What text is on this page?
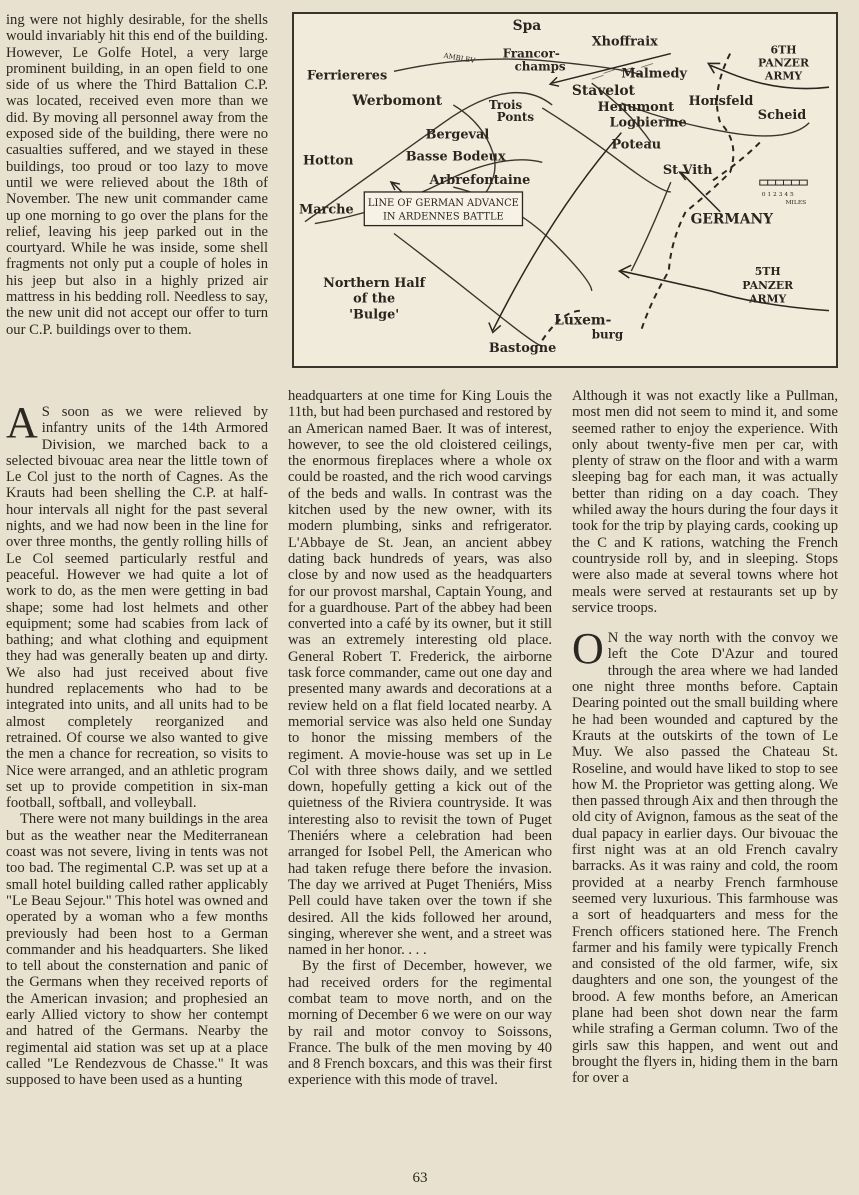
ing were not highly desirable, for the shells would invariably hit this end of the building. However, Le Golfe Hotel, a very large prominent building, in an open field to one side of us where the Third Battalion C.P. was located, received even more than we did. By moving all personnel away from the exposed side of the building, there were no casualties suffered, and we stayed in these buildings, too proud or too lazy to move until we were relieved about the 18th of November. The new unit commander came up one morning to go over the plans for the relief, leaving his jeep parked out in the courtyard. While he was inside, some shell fragments not only put a couple of holes in his jeep but also in a highly prized air mattress in his bedding roll. Needless to say, the new unit did not accept our offer to turn our C.P. buildings over to them.

A S soon as we were relieved by infantry units of the 14th Armored Division, we marched back to a selected bivouac area near the little town of Le Col just to the north of Cagnes. As the Krauts had been shelling the C.P. at half-hour intervals all night for the past several nights, and we had now been in the line for over three months, the gently rolling hills of Le Col seemed particularly restful and peaceful. However we had quite a lot of work to do, as the men were getting in bad shape; some had lost helmets and other equipment; some had scabies from lack of bathing; and what clothing and equipment they had was generally beaten up and dirty. We also had just received about five hundred replacements who had to be integrated into units, and all units had to be almost completely reorganized and retrained. Of course we also wanted to give the men a chance for recreation, so visits to Nice were arranged, and an athletic program set up to provide competition in six-man football, softball, and volleyball.

There were not many buildings in the area but as the weather near the Mediterranean coast was not severe, living in tents was not too bad. The regimental C.P. was set up at a small hotel building called rather applicably "Le Beau Sejour." This hotel was owned and operated by a woman who a few months previously had been host to a German commander and his headquarters. She liked to tell about the consternation and panic of the Germans when they received reports of the American invasion; and prophesied an early Allied victory to show her contempt and hatred of the Germans. Nearby the regimental aid station was set up at a place called "Le Rendezvous de Chasse." It was supposed to have been used as a hunting

headquarters at one time for King Louis the 11th, but had been purchased and restored by an American named Baer. It was of interest, however, to see the old cloistered ceilings, the enormous fireplaces where a whole ox could be roasted, and the rich wood carvings of the beds and walls. In contrast was the kitchen used by the new owner, with its modern plumbing, sinks and refrigerator. L'Abbaye de St. Jean, an ancient abbey dating back hundreds of years, was also close by and now used as the headquarters for our provost marshal, Captain Young, and for a guardhouse. Part of the abbey had been converted into a café by its owner, but it still was an extremely interesting old place. General Robert T. Frederick, the airborne task force commander, came out one day and presented many awards and decorations at a review held on a flat field located nearby. A memorial service was also held one Sunday to honor the missing members of the regiment. A movie-house was set up in Le Col with three shows daily, and we settled down, hopefully getting a kick out of the quietness of the Riviera countryside. It was interesting also to revisit the town of Puget Theniérs where a celebration had been arranged for Isobel Pell, the American who had taken refuge there before the invasion. The day we arrived at Puget Theniérs, Miss Pell could have taken over the town if she desired. All the kids followed her around, singing, wherever she went, and a street was named in her honor. . . .

By the first of December, however, we had received orders for the regimental combat team to move north, and on the morning of December 6 we were on our way by rail and motor convoy to Soissons, France. The bulk of the men moving by 40 and 8 French boxcars, and this was their first experience with this mode of travel.

Although it was not exactly like a Pullman, most men did not seem to mind it, and some seemed rather to enjoy the experience. With only about twenty-five men per car, with plenty of straw on the floor and with a warm sleeping bag for each man, it was actually better than riding on a day coach. They whiled away the hours during the four days it took for the trip by playing cards, cooking up the C and K rations, watching the French countryside roll by, and in sleeping. Stops were also made at several towns where hot meals were served at restaurants set up by service troops.

O N the way north with the convoy we left the Cote D'Azur and toured through the area where we had landed one night three months before. Captain Dearing pointed out the small building where he had been wounded and captured by the Krauts at the outskirts of the town of Le Muy. We also passed the Chateau St. Roseline, and would have liked to stop to see how M. the Proprietor was getting along. We then passed through Aix and then through the old city of Avignon, famous as the seat of the dual papacy in earlier days. Our bivouac the first night was at an old French cavalry barracks. As it was rainy and cold, the room provided at a nearby French farmhouse seemed very luxurious. This farmhouse was a sort of headquarters and mess for the French officers stationed here. The French farmer and his family were typically French and consisted of the old farmer, wife, six daughters and one son, the youngest of the brood. A few months before, an American plane had been shot down near the farm while strafing a German column. Two of the girls saw this happen, and went out and brought the flyers in, hiding them in the barn for over a

LINE OF GERMAN ADVANCE
IN ARDENNES BATTLE
0 1 2 3 4 5
MILES
Spa
Xhoffraix
Ferriereres
AMBLEV Francor-
champs	Malmedy
Stavelot
Honsfeld
Werbomont	Trois
Ponts
Henumont
Logbierme
Scheid
Bergeval
Poteau
Hotton	Basse Bodeux
St.Vith
Arbrefontaine
Marche
GERMANY
Luxem-
burg
Bastogne
Northern Half
of the
'Bulge'
6TH
PANZER
ARMY
5TH
PANZER
ARMY
63
